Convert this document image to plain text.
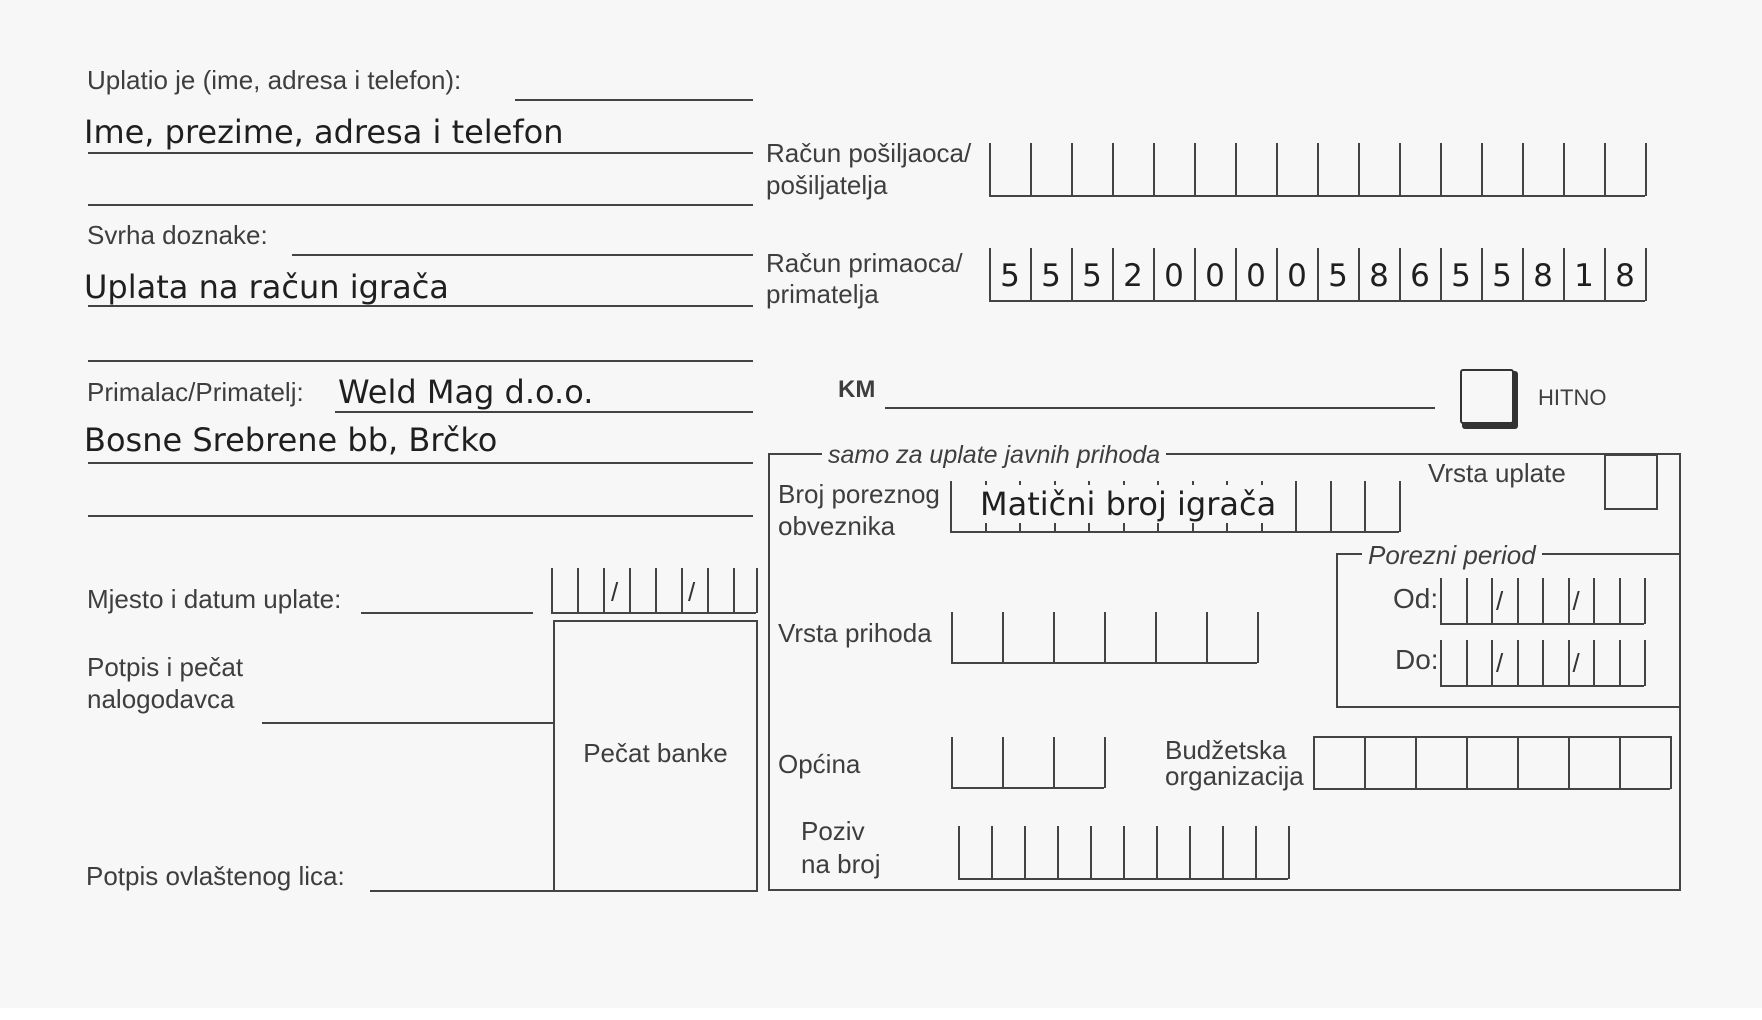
Uplatio je (ime, adresa i telefon):
Ime, prezime, adresa i telefon
Svrha doznake:
Uplata na račun igrača
Primalac/Primatelj: Weld Mag d.o.o.
Bosne Srebrene bb, Brčko
Mjesto i datum uplate:	/	/
Potpis i pečat
nalogodavca
Pečat banke
Potpis ovlaštenog lica:
Račun pošiljaoca/
pošiljatelja
Račun primaoca/
primatelja	5 5 5 2 0 0 0 0 5 8 6 5 5 8 1 8
KM	HITNO
samo za uplate javnih prihoda
Vrsta uplate
Broj poreznog
obveznika
Matični broj igrača
Porezni period
Od: /	/
Do: /	/
Vrsta prihoda
Općina	Budžetska
organizacija
Poziv
na broj
